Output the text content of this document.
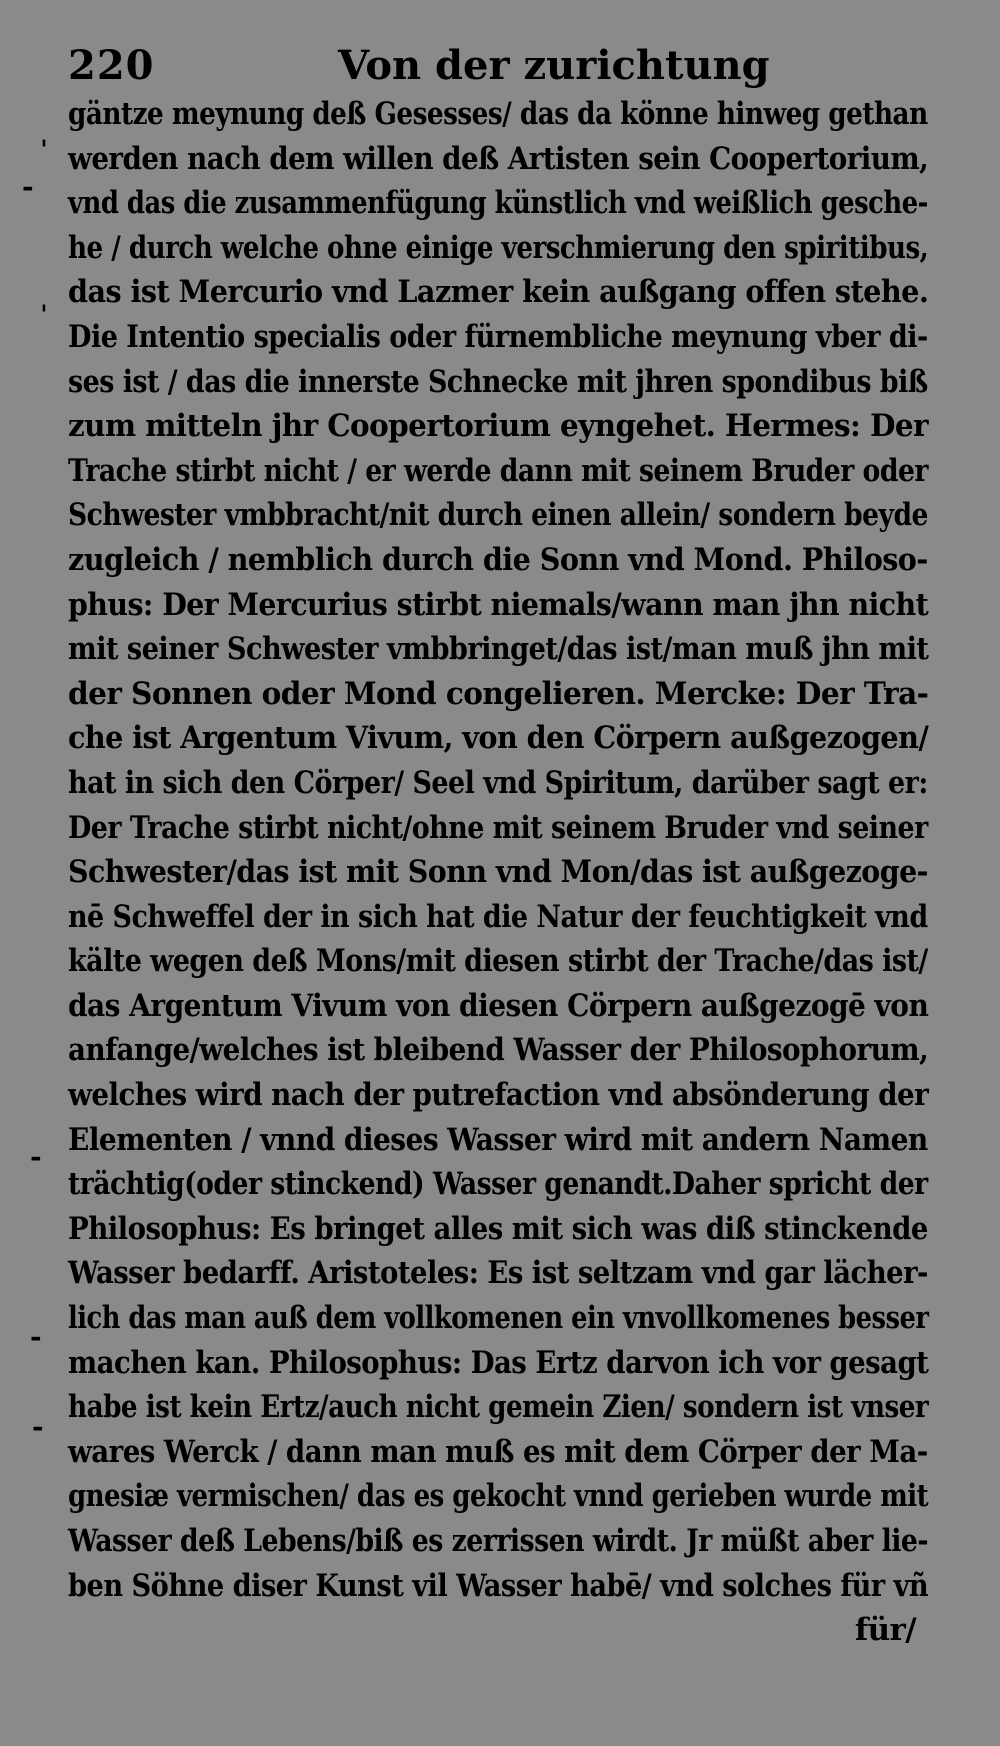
220	Von der zurichtung
gäntze meynung deß Gesesses/ das da könne hinweg gethan
werden nach dem willen deß Artisten sein Coopertorium,
vnd das die zusammenfügung künstlich vnd weißlich gesche-
he / durch welche ohne einige verschmierung den spiritibus,
das ist Mercurio vnd Lazmer kein außgang offen stehe.
Die Intentio specialis oder fürnembliche meynung vber di-
ses ist / das die innerste Schnecke mit jhren spondibus biß
zum mitteln jhr Coopertorium eyngehet. Hermes: Der
Trache stirbt nicht / er werde dann mit seinem Bruder oder
Schwester vmbbracht/nit durch einen allein/ sondern beyde
zugleich / nemblich durch die Sonn vnd Mond. Philoso-
phus: Der Mercurius stirbt niemals/wann man jhn nicht
mit seiner Schwester vmbbringet/das ist/man muß jhn mit
der Sonnen oder Mond congelieren. Mercke: Der Tra-
che ist Argentum Vivum, von den Cörpern außgezogen/
hat in sich den Cörper/ Seel vnd Spiritum, darüber sagt er:
Der Trache stirbt nicht/ohne mit seinem Bruder vnd seiner
Schwester/das ist mit Sonn vnd Mon/das ist außgezoge-
nē Schweffel der in sich hat die Natur der feuchtigkeit vnd
kälte wegen deß Mons/mit diesen stirbt der Trache/das ist/
das Argentum Vivum von diesen Cörpern außgezogē von
anfange/welches ist bleibend Wasser der Philosophorum,
welches wird nach der putrefaction vnd absönderung der
Elementen / vnnd dieses Wasser wird mit andern Namen
trächtig(oder stinckend) Wasser genandt.Daher spricht der
Philosophus: Es bringet alles mit sich was diß stinckende
Wasser bedarff. Aristoteles: Es ist seltzam vnd gar lächer-
lich das man auß dem vollkomenen ein vnvollkomenes besser
machen kan. Philosophus: Das Ertz darvon ich vor gesagt
habe ist kein Ertz/auch nicht gemein Zien/ sondern ist vnser
wares Werck / dann man muß es mit dem Cörper der Ma-
gnesiæ vermischen/ das es gekocht vnnd gerieben wurde mit
Wasser deß Lebens/biß es zerrissen wirdt. Jr müßt aber lie-
ben Söhne diser Kunst vil Wasser habē/ vnd solches für vñ
für/
ˈ
-
ˈ
-
-
-
